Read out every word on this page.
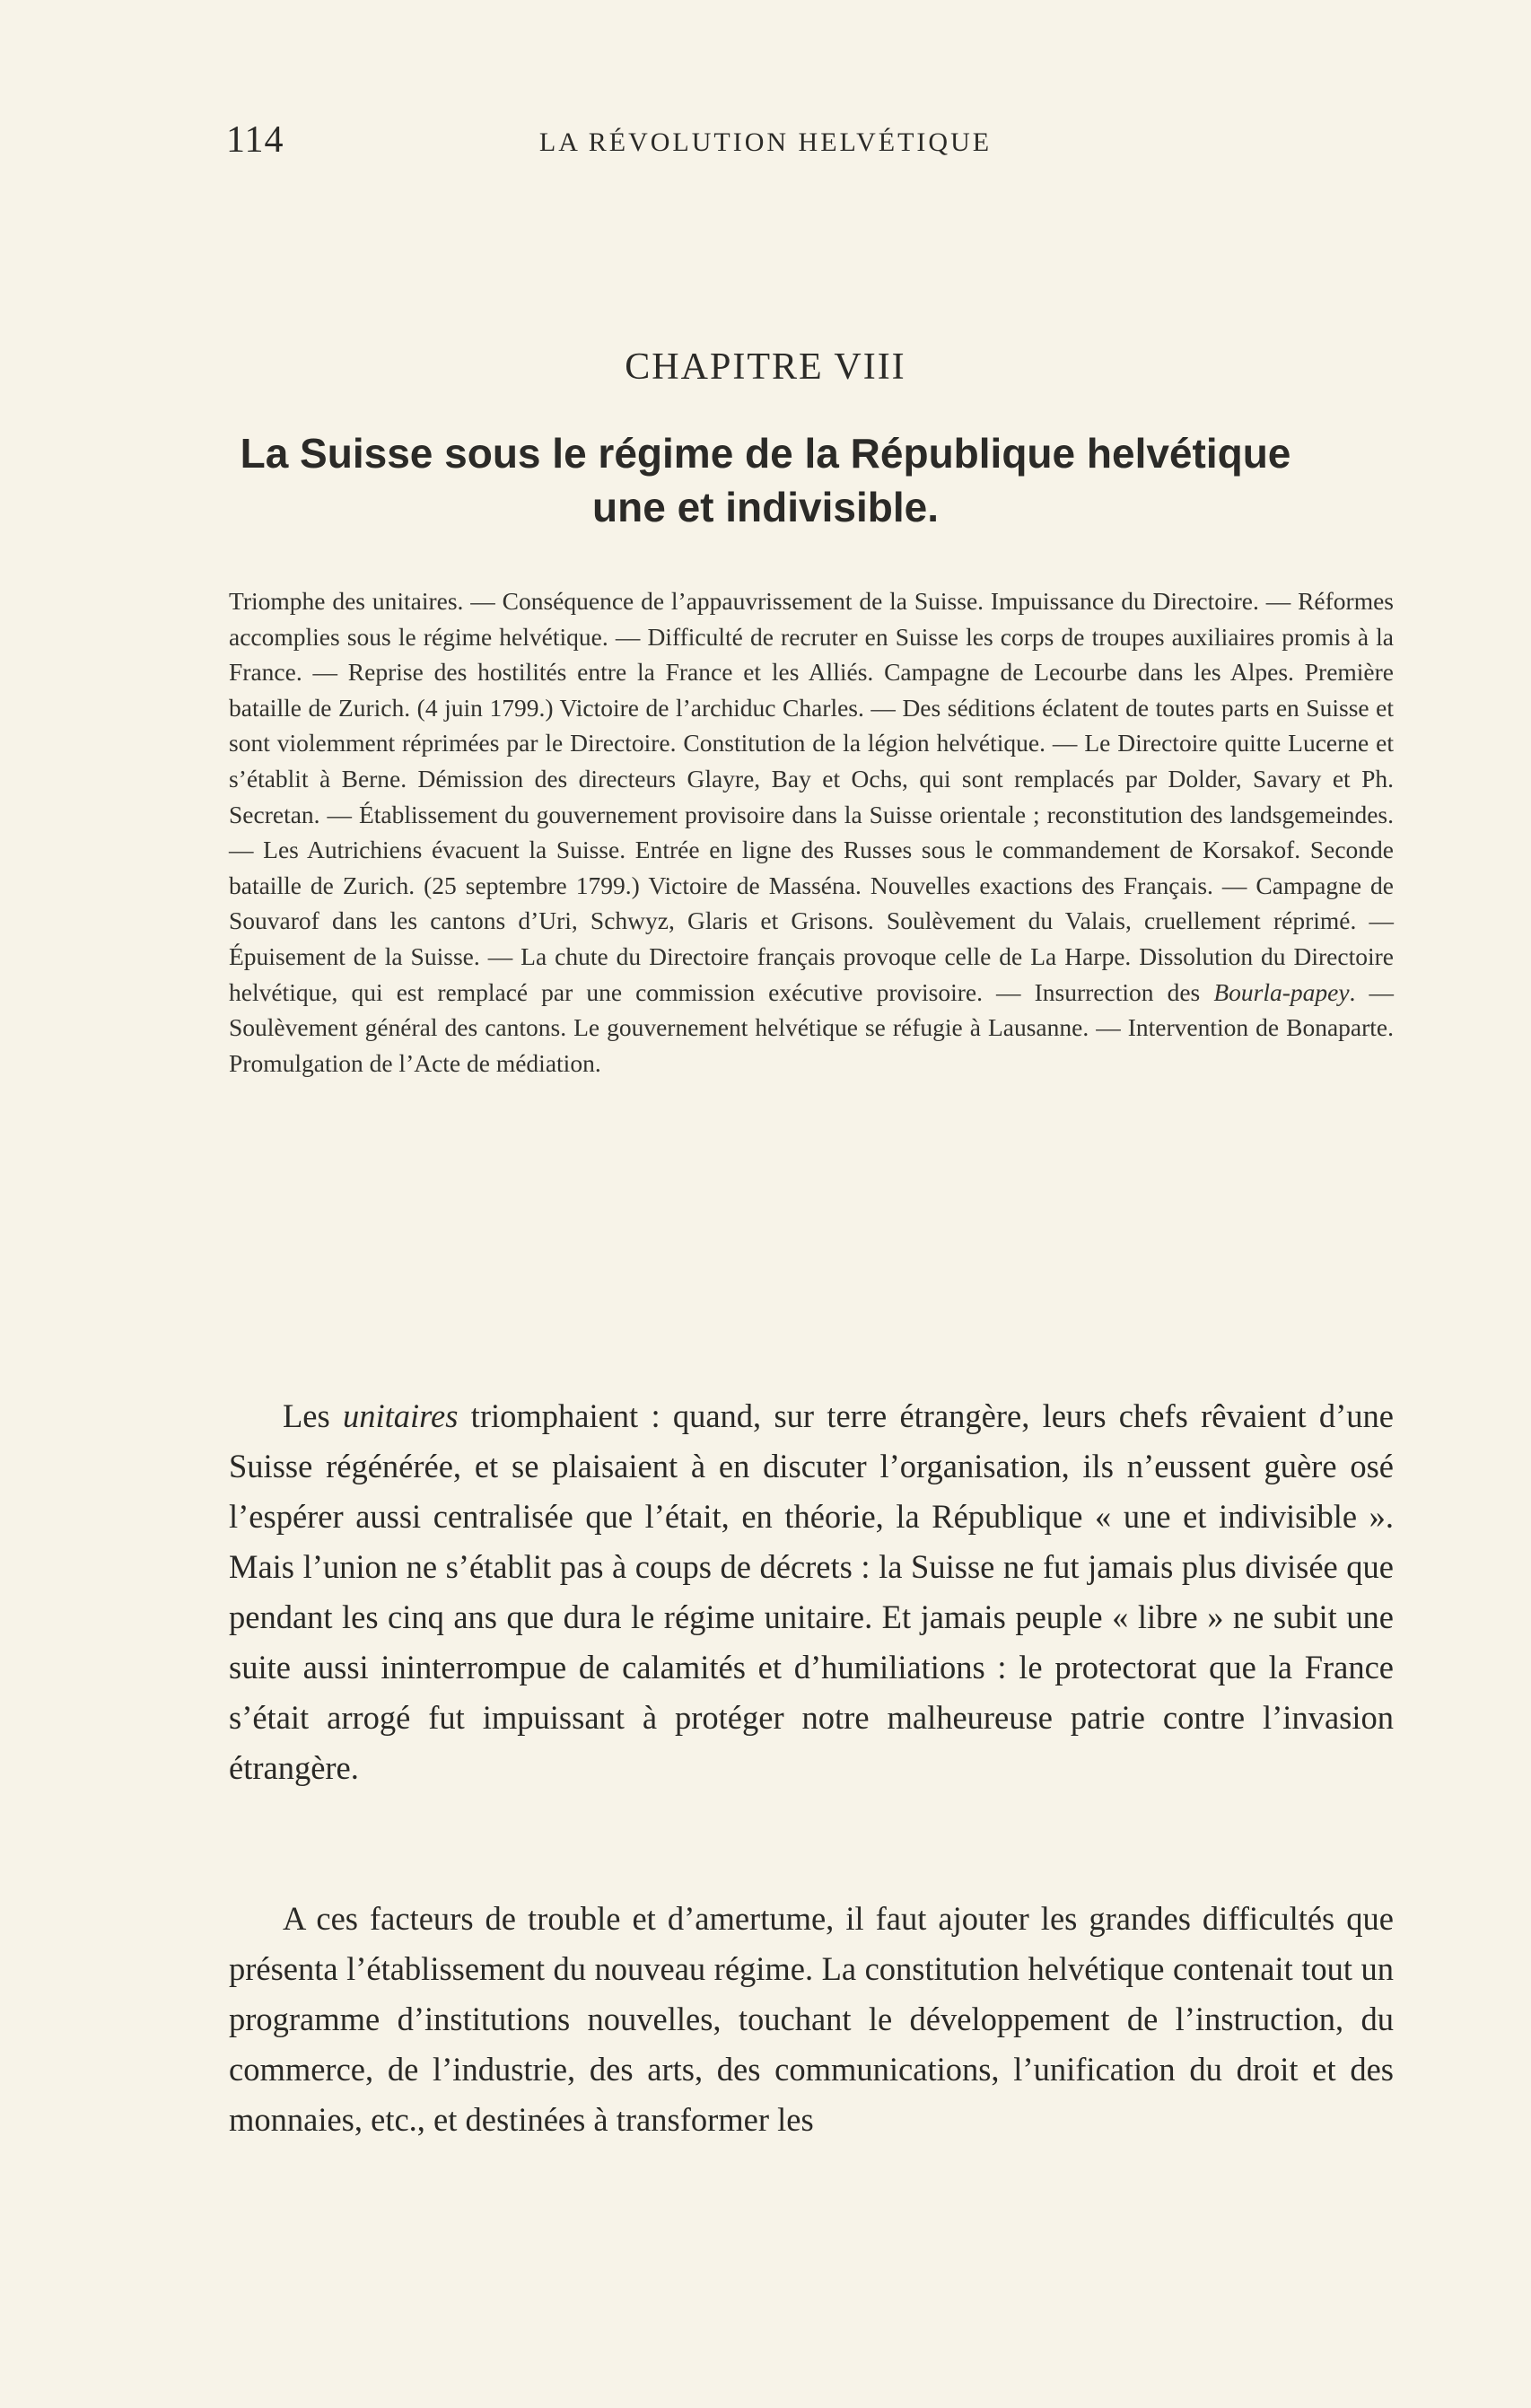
114	LA RÉVOLUTION HELVÉTIQUE
CHAPITRE VIII
La Suisse sous le régime de la République helvétique une et indivisible.
Triomphe des unitaires. — Conséquence de l’appauvrissement de la Suisse. Impuissance du Directoire. — Réformes accomplies sous le régime helvétique. — Difficulté de recruter en Suisse les corps de troupes auxiliaires promis à la France. — Reprise des hostilités entre la France et les Alliés. Campagne de Lecourbe dans les Alpes. Première bataille de Zurich. (4 juin 1799.) Victoire de l’archiduc Charles. — Des séditions éclatent de toutes parts en Suisse et sont violemment réprimées par le Directoire. Constitution de la légion helvétique. — Le Directoire quitte Lucerne et s’établit à Berne. Démission des directeurs Glayre, Bay et Ochs, qui sont remplacés par Dolder, Savary et Ph. Secretan. — Établissement du gouvernement provisoire dans la Suisse orientale ; reconstitution des landsgemeindes. — Les Autrichiens évacuent la Suisse. Entrée en ligne des Russes sous le commandement de Korsakof. Seconde bataille de Zurich. (25 septembre 1799.) Victoire de Masséna. Nouvelles exactions des Français. — Campagne de Souvarof dans les cantons d’Uri, Schwyz, Glaris et Grisons. Soulèvement du Valais, cruellement réprimé. — Épuisement de la Suisse. — La chute du Directoire français provoque celle de La Harpe. Dissolution du Directoire helvétique, qui est remplacé par une commission exécutive provisoire. — Insurrection des Bourla-papey. — Soulèvement général des cantons. Le gouvernement helvétique se réfugie à Lausanne. — Intervention de Bonaparte. Promulgation de l’Acte de médiation.

Les unitaires triomphaient : quand, sur terre étrangère, leurs chefs rêvaient d’une Suisse régénérée, et se plaisaient à en discuter l’organisation, ils n’eussent guère osé l’espérer aussi centralisée que l’était, en théorie, la République « une et indivisible ». Mais l’union ne s’établit pas à coups de décrets : la Suisse ne fut jamais plus divisée que pendant les cinq ans que dura le régime unitaire. Et jamais peuple « libre » ne subit une suite aussi ininterrompue de calamités et d’humiliations : le protectorat que la France s’était arrogé fut impuissant à protéger notre malheureuse patrie contre l’invasion étrangère.

A ces facteurs de trouble et d’amertume, il faut ajouter les grandes difficultés que présenta l’établissement du nouveau régime. La constitution helvétique contenait tout un programme d’institutions nouvelles, touchant le développement de l’instruction, du commerce, de l’industrie, des arts, des communications, l’unification du droit et des monnaies, etc., et destinées à transformer les
